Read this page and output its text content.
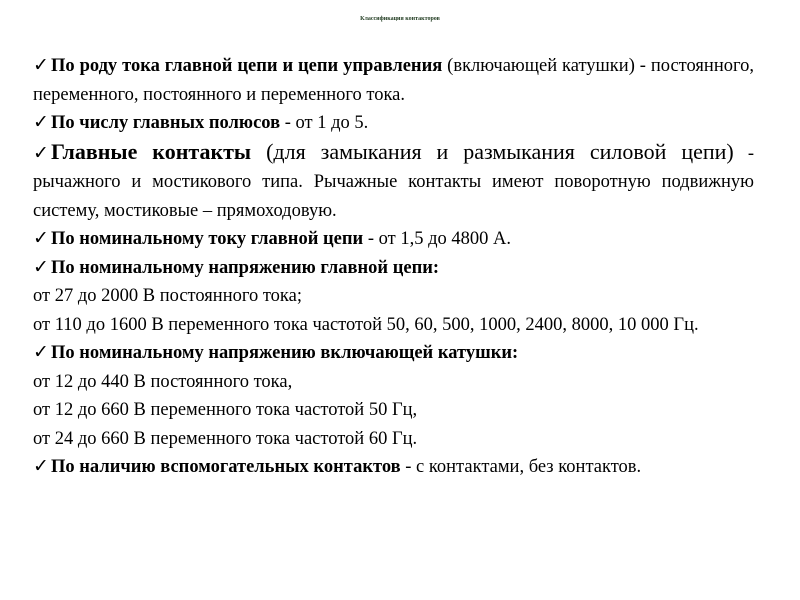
Классификация контакторов

✓ По роду тока главной цепи и цепи управления (включающей катушки) - постоянного, переменного, постоянного и переменного тока.

✓ По числу главных полюсов - от 1 до 5.

✓Главные контакты (для замыкания и размыкания силовой цепи) - рычажного и мостикового типа. Рычажные контакты имеют поворотную подвижную систему, мостиковые – прямоходовую.

✓ По номинальному току главной цепи - от 1,5 до 4800 А.

✓ По номинальному напряжению главной цепи:

от 27 до 2000 В постоянного тока;

от 110 до 1600 В переменного тока частотой 50, 60, 500, 1000, 2400, 8000, 10 000 Гц.

✓ По номинальному напряжению включающей катушки:

от 12 до 440 В постоянного тока,

от 12 до 660 В переменного тока частотой 50 Гц,

от 24 до 660 В переменного тока частотой 60 Гц.

✓ По наличию вспомогательных контактов - с контактами, без контактов.
